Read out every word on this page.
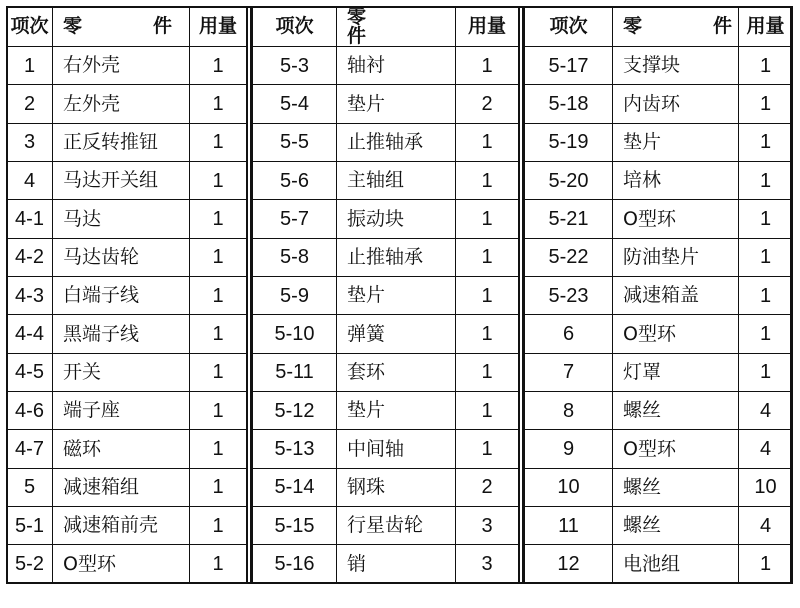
项次	零 件	用量
1	右外壳	1
2	左外壳	1
3	正反转推钮	1
4	马达开关组	1
4-1	马达	1
4-2	马达齿轮	1
4-3	白端子线	1
4-4	黑端子线	1
4-5	开关	1
4-6	端子座	1
4-7	磁环	1
5	减速箱组	1
5-1	减速箱前壳	1
5-2	O型环	1
项次	零件	用量
5-3	轴衬	1
5-4	垫片	2
5-5	止推轴承	1
5-6	主轴组	1
5-7	振动块	1
5-8	止推轴承	1
5-9	垫片	1
5-10	弹簧	1
5-11	套环	1
5-12	垫片	1
5-13	中间轴	1
5-14	钢珠	2
5-15	行星齿轮	3
5-16	销	3
项次	零 件	用量
5-17	支撑块	1
5-18	内齿环	1
5-19	垫片	1
5-20	培林	1
5-21	O型环	1
5-22	防油垫片	1
5-23	减速箱盖	1
6	O型环	1
7	灯罩	1
8	螺丝	4
9	O型环	4
10	螺丝	10
11	螺丝	4
12	电池组	1
